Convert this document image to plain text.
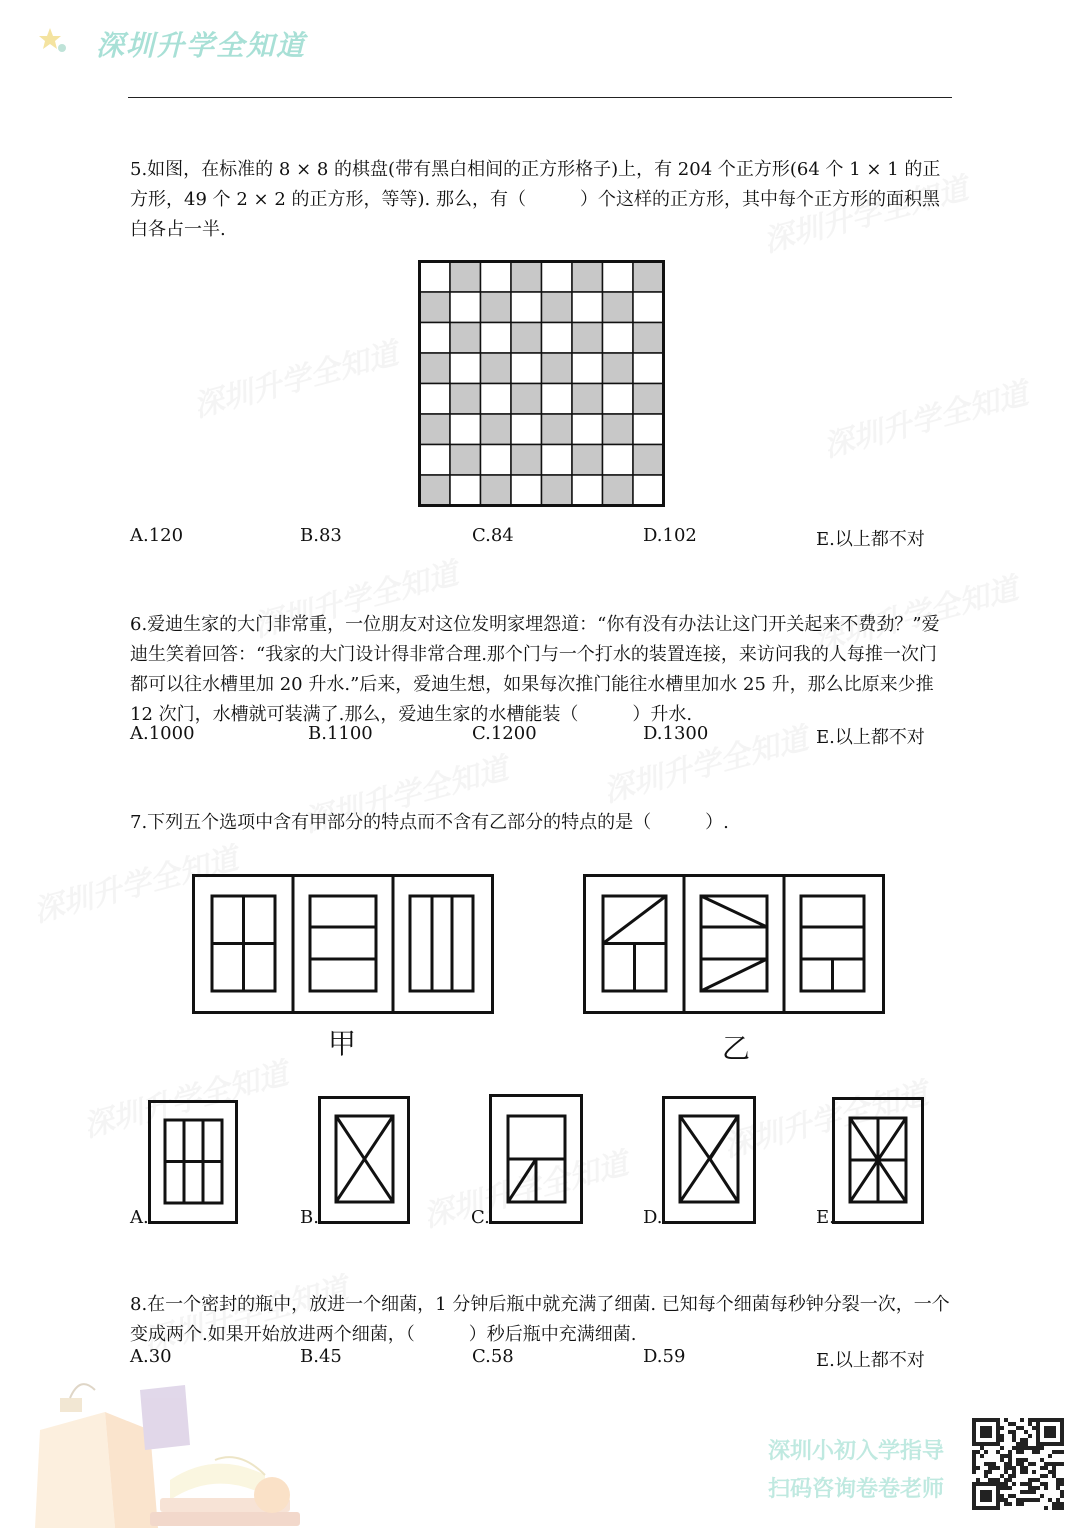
深圳升学全知道
5.如图，在标准的 8 × 8 的棋盘(带有黑白相间的正方形格子)上，有 204 个正方形(64 个 1 × 1 的正方形，49 个 2 × 2 的正方形，等等). 那么，有（　　　）个这样的正方形，其中每个正方形的面积黑白各占一半.
A.120	B.83	C.84	D.102	E.以上都不对
6.爱迪生家的大门非常重，一位朋友对这位发明家埋怨道：“你有没有办法让这门开关起来不费劲？”爱迪生笑着回答：“我家的大门设计得非常合理.那个门与一个打水的装置连接，来访问我的人每推一次门都可以往水槽里加 20 升水.”后来，爱迪生想，如果每次推门能往水槽里加水 25 升，那么比原来少推 12 次门，水槽就可装满了.那么，爱迪生家的水槽能装（　　　）升水.
A.1000	B.1100	C.1200	D.1300	E.以上都不对
7.下列五个选项中含有甲部分的特点而不含有乙部分的特点的是（　　　）.
甲	乙
A.	B.	C.	D.	E.
8.在一个密封的瓶中，放进一个细菌，1 分钟后瓶中就充满了细菌. 已知每个细菌每秒钟分裂一次，一个变成两个.如果开始放进两个细菌，（　　　）秒后瓶中充满细菌.
A.30	B.45	C.58	D.59	E.以上都不对
深圳小初入学指导
扫码咨询卷卷老师
